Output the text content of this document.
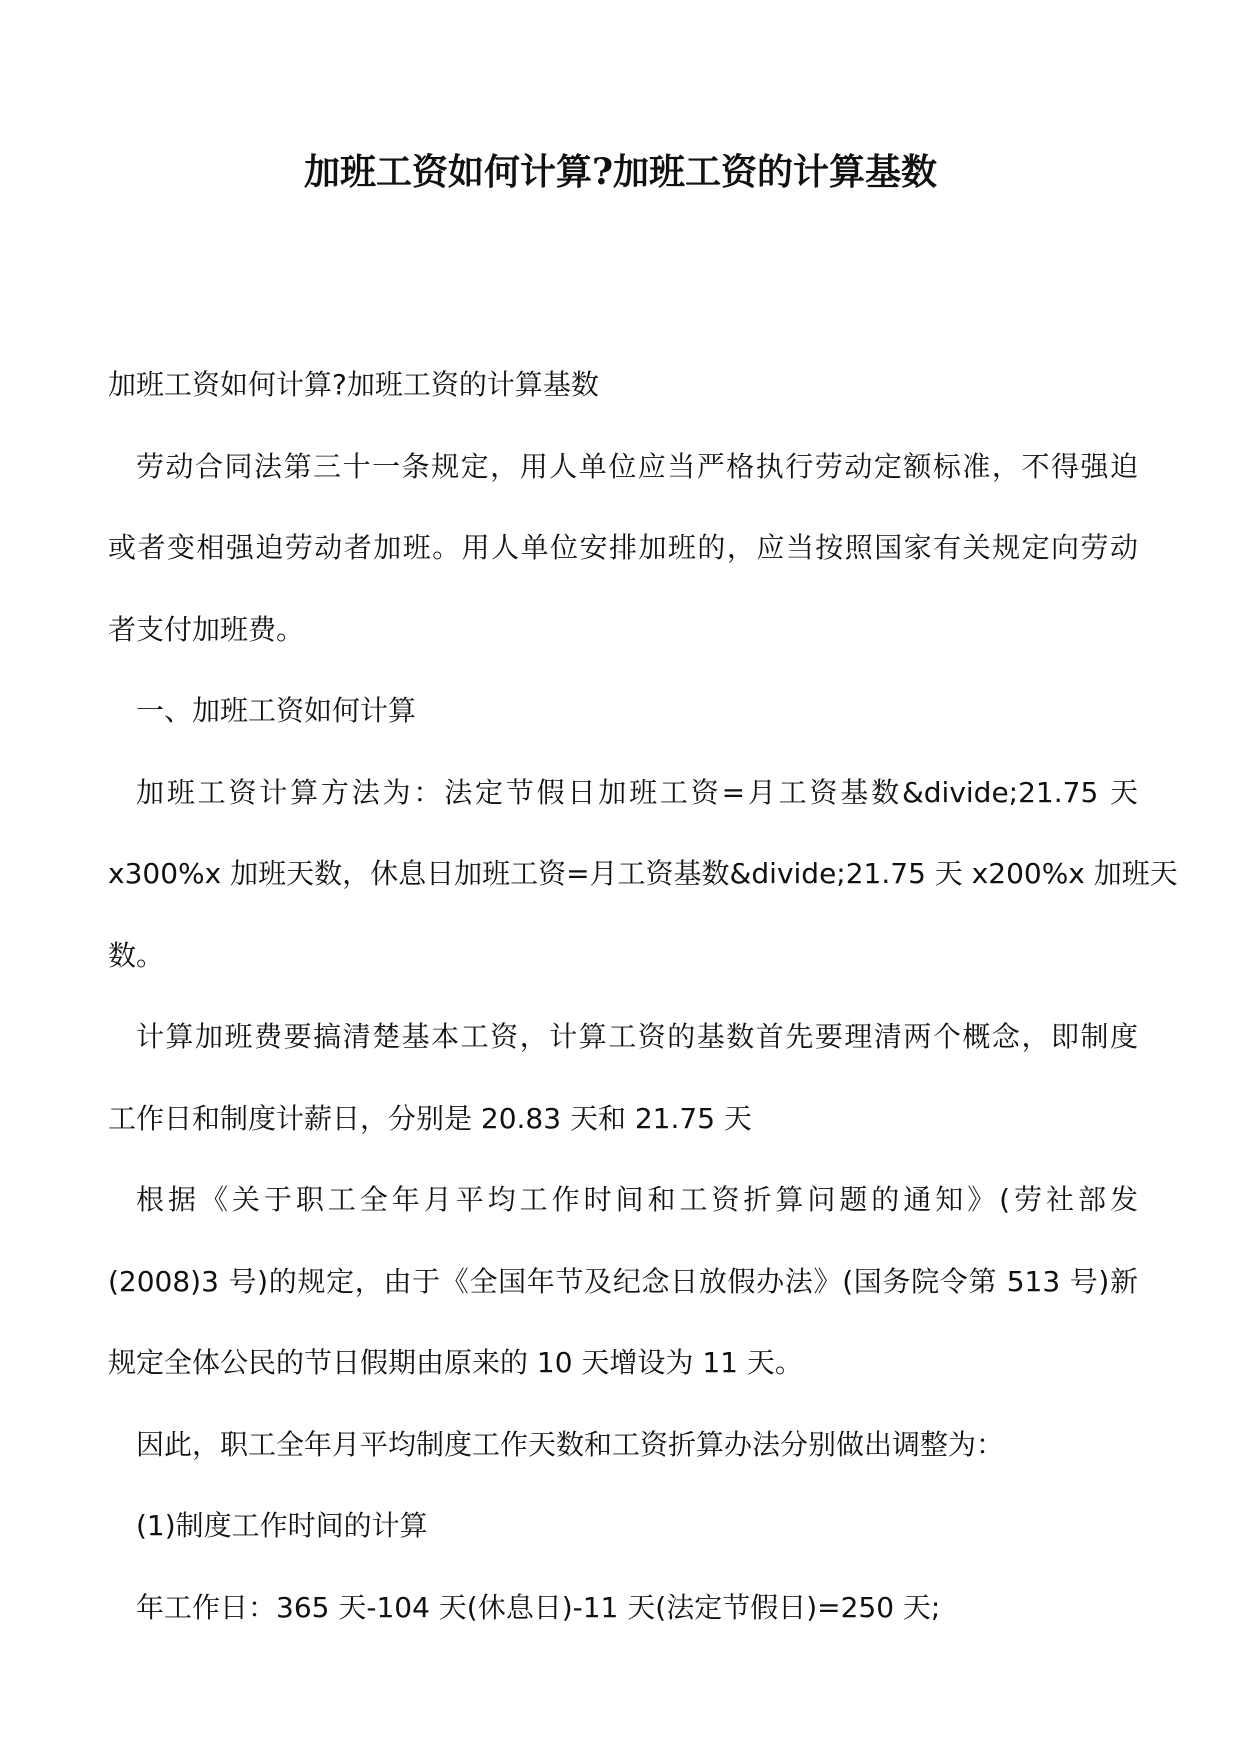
加班工资如何计算?加班工资的计算基数

加班工资如何计算?加班工资的计算基数

劳动合同法第三十一条规定，用人单位应当严格执行劳动定额标准，不得强迫

或者变相强迫劳动者加班。用人单位安排加班的，应当按照国家有关规定向劳动

者支付加班费。

一、加班工资如何计算

加班工资计算方法为：法定节假日加班工资=月工资基数&divide;21.75 天

x300%x 加班天数，休息日加班工资=月工资基数&divide;21.75 天 x200%x 加班天

数。

计算加班费要搞清楚基本工资，计算工资的基数首先要理清两个概念，即制度

工作日和制度计薪日，分别是 20.83 天和 21.75 天

根据《关于职工全年月平均工作时间和工资折算问题的通知》(劳社部发

(2008)3 号)的规定，由于《全国年节及纪念日放假办法》(国务院令第 513 号)新

规定全体公民的节日假期由原来的 10 天增设为 11 天。

因此，职工全年月平均制度工作天数和工资折算办法分别做出调整为：

(1)制度工作时间的计算

年工作日：365 天-104 天(休息日)-11 天(法定节假日)=250 天;
